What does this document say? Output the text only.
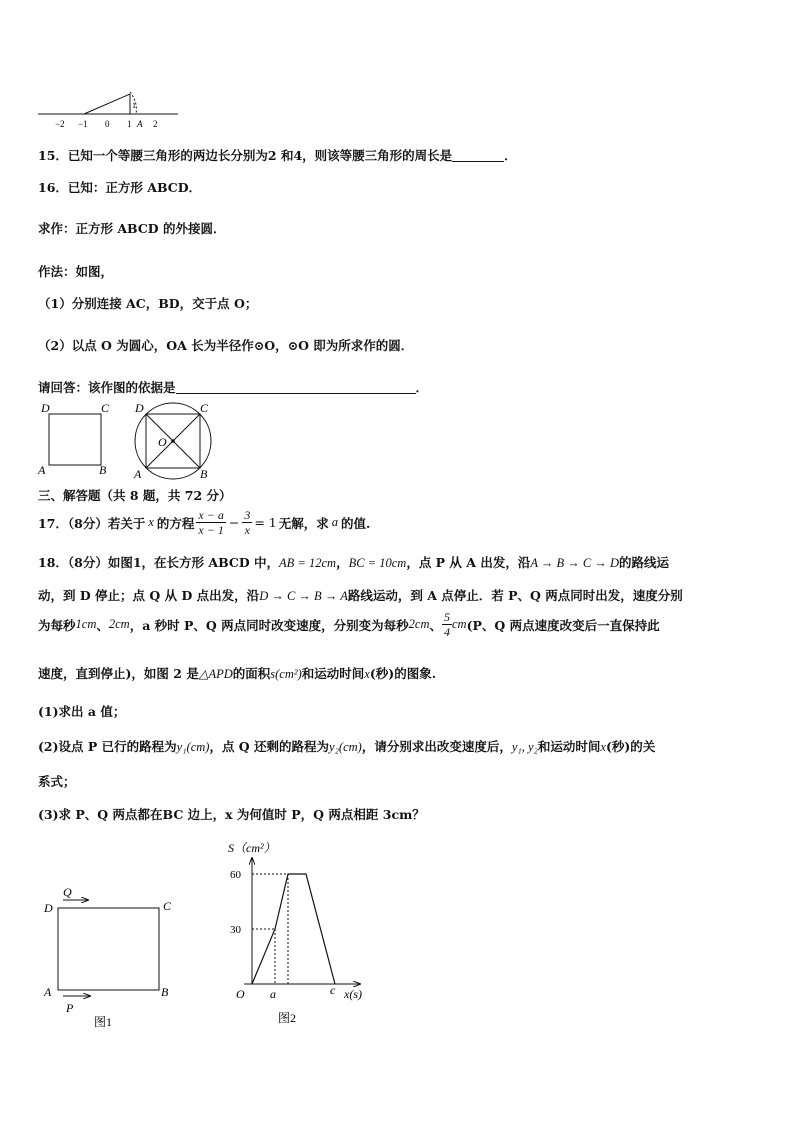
1
−2 −1 0 1 A 2
15．已知一个等腰三角形的两边长分别为2 和4，则该等腰三角形的周长是	．
16．已知：正方形 ABCD．
求作：正方形 ABCD 的外接圆．
作法：如图，
（1）分别连接 AC，BD，交于点 O；
（2）以点 O 为圆心，OA 长为半径作⊙O，⊙O 即为所求作的圆．
请回答：该作图的依据是	．
D	C
A	B
D	C
O
A	B
三、解答题（共 8 题，共 72 分）
17．（8分）若关于 x 的方程 $\frac{x - a}{x - 1} - \frac{3}{x} = 1$ 无解，求 a 的值.
18．（8分）如图1，在长方形 ABCD 中，AB = 12cm，BC = 10cm，点 P 从 A 出发，沿A → B → C → D的路线运
动，到 D 停止；点 Q 从 D 点出发，沿D → C → B → A路线运动，到 A 点停止．若 P、Q 两点同时出发，速度分别
为每秒 1cm 、 2cm ，a 秒时 P、Q 两点同时改变速度，分别变为每秒 2cm 、 $\frac{5}{4}$ cm (P、Q 两点速度改变后一直保持此
速度，直到停止)，如图 2 是△APD的面积s(cm²)和运动时间x(秒)的图象.
(1)求出 a 值；
(2)设点 P 已行的路程为y₁(cm)，点 Q 还剩的路程为y₂(cm)，请分别求出改变速度后，y₁, y₂和运动时间x(秒)的关
系式；
(3)求 P、Q 两点都在BC 边上，x 为何值时 P，Q 两点相距 3cm？
Q
D	C
A	B
P
图1
S（cm²）
60
30
O a	c x(s)
图2
